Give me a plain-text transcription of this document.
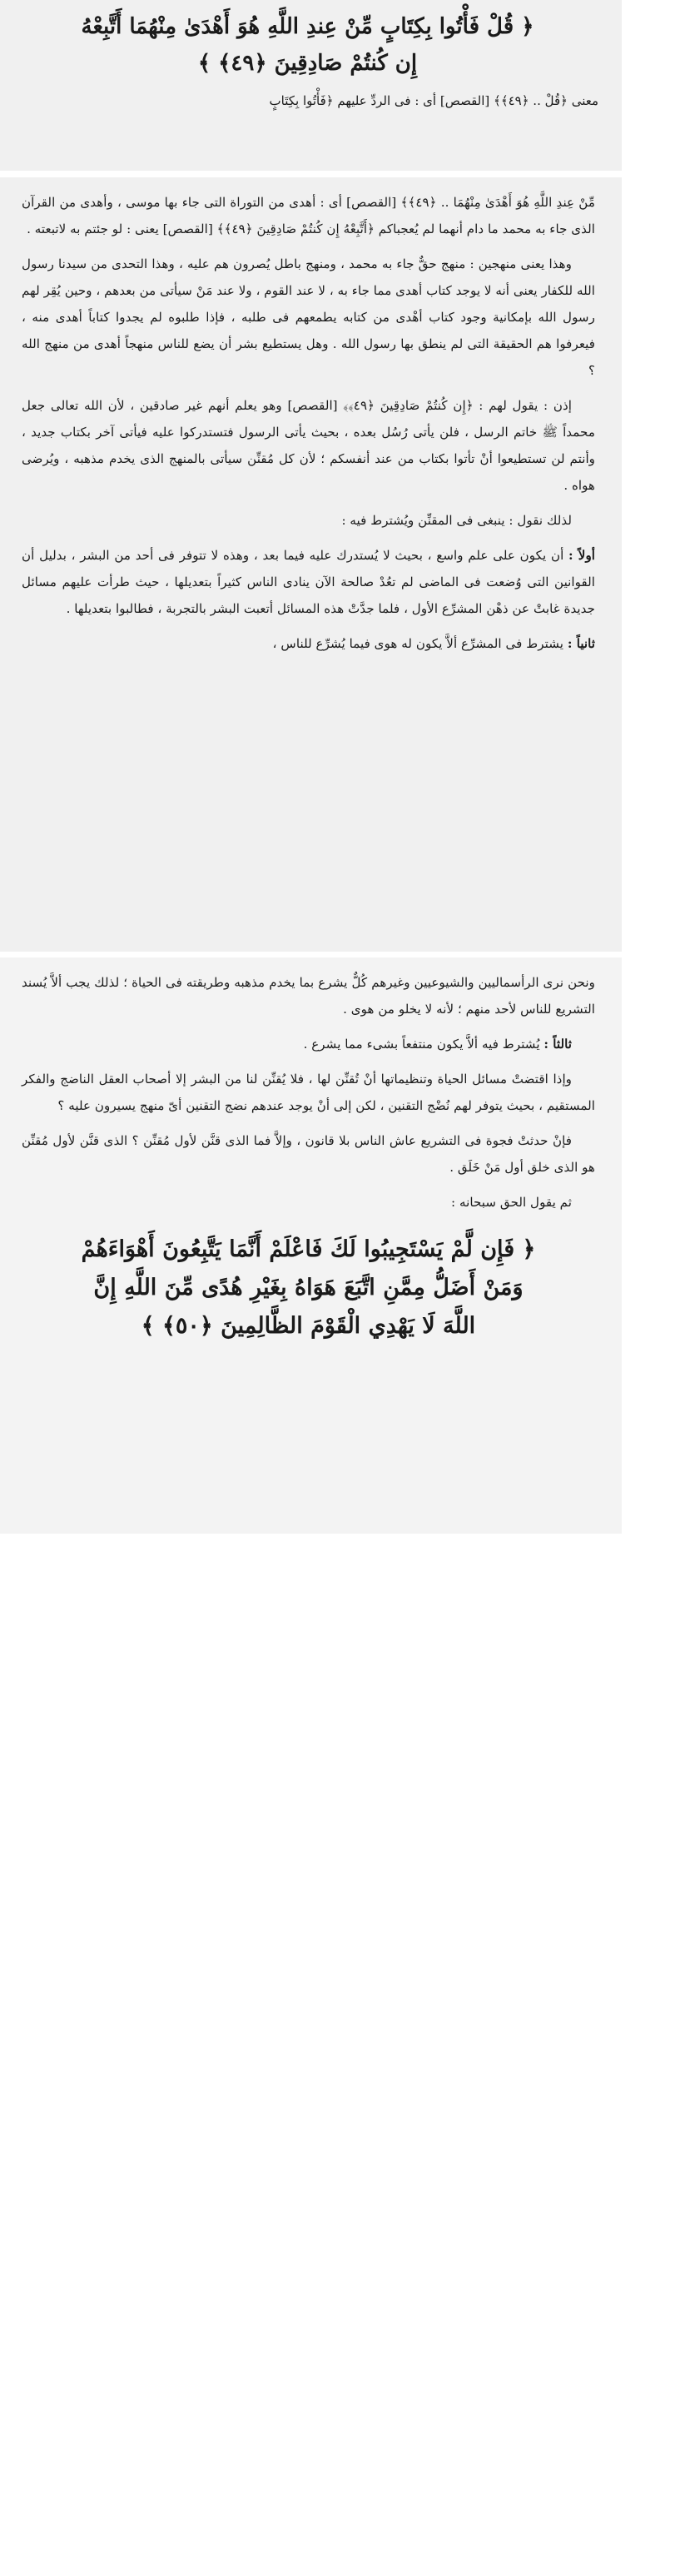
﴿ قُلْ فَأْتُوا بِكِتَابٍ مِّنْ عِندِ اللَّهِ هُوَ أَهْدَىٰ مِنْهُمَا أَتَّبِعْهُ

إِن كُنتُمْ صَادِقِينَ ﴿٤٩﴾ ﴾

معنى ﴿قُلْ .. ﴿٤٩﴾﴾ [القصص] أى : فى الردِّ عليهم ﴿فَأْتُوا بِكِتَابٍ

مِّنْ عِندِ اللَّهِ هُوَ أَهْدَىٰ مِنْهُمَا .. ﴿٤٩﴾﴾ [القصص] أى : أهدى من التوراة التى جاء بها موسى ، وأهدى من القرآن الذى جاء به محمد ما دام أنهما لم يُعجباكم ﴿أَتَّبِعْهُ إِن كُنتُمْ صَادِقِينَ ﴿٤٩﴾﴾ [القصص] يعنى : لو جئتم به لاتبعته .

وهذا يعنى منهجين : منهج حقٌّ جاء به محمد ، ومنهج باطل يُصرون هم عليه ، وهذا التحدى من سيدنا رسول الله للكفار يعنى أنه لا يوجد كتاب أهدى مما جاء به ، لا عند القوم ، ولا عند مَنْ سيأتى من بعدهم ، وحين يُقِر لهم رسول الله بإمكانية وجود كتاب أهْدى من كتابه يطمعهم فى طلبه ، فإذا طلبوه لم يجدوا كتاباً أهدى منه ، فيعرفوا هم الحقيقة التى لم ينطق بها رسول الله . وهل يستطيع بشر أن يضع للناس منهجاً أهدى من منهج الله ؟

إذن : يقول لهم : ﴿إِن كُنتُمْ صَادِقِينَ ﴿٤٩﴾﴾ [القصص] وهو يعلم أنهم غير صادقين ، لأن الله تعالى جعل محمداً ﷺ خاتم الرسل ، فلن يأتى رُسُل بعده ، بحيث يأتى الرسول فتستدركوا عليه فيأتى آخر بكتاب جديد ، وأنتم لن تستطيعوا أنْ تأتوا بكتاب من عند أنفسكم ؛ لأن كل مُقنِّن سيأتى بالمنهج الذى يخدم مذهبه ، ويُرضى هواه .

لذلك نقول : ينبغى فى المقنِّن ويُشترط فيه :

أولاً : أن يكون على علم واسع ، بحيث لا يُستدرك عليه فيما بعد ، وهذه لا تتوفر فى أحد من البشر ، بدليل أن القوانين التى وُضعت فى الماضى لم تعُدْ صالحة الآن ينادى الناس كثيراً بتعديلها ، حيث طرأت عليهم مسائل جديدة غابتْ عن ذهْن المشرِّع الأول ، فلما جدَّتْ هذه المسائل أتعبت البشر بالتجربة ، فطالبوا بتعديلها .

ثانياً : يشترط فى المشرِّع ألاَّ يكون له هوى فيما يُشرِّع للناس ،

ونحن نرى الرأسماليين والشيوعيين وغيرهم كُلٌّ يشرع بما يخدم مذهبه وطريقته فى الحياة ؛ لذلك يجب ألاَّ يُسند التشريع للناس لأحد منهم ؛ لأنه لا يخلو من هوى .

ثالثاً : يُشترط فيه ألاَّ يكون منتفعاً بشىء مما يشرع .

وإذا اقتضتْ مسائل الحياة وتنظيماتها أنْ تُقنِّن لها ، فلا يُقنِّن لنا من البشر إلا أصحاب العقل الناضج والفكر المستقيم ، بحيث يتوفر لهم نُضْج التقنين ، لكن إلى أنْ يوجد عندهم نضج التقنين أىّ منهج يسيرون عليه ؟

فإنْ حدثتْ فجوة فى التشريع عاش الناس بلا قانون ، وإلاَّ فما الذى قنَّن لأول مُقنِّن ؟ الذى قنَّن لأول مُقنِّن هو الذى خلق أول مَنْ خَلَق .

ثم يقول الحق سبحانه :

﴿ فَإِن لَّمْ يَسْتَجِيبُوا لَكَ فَاعْلَمْ أَنَّمَا يَتَّبِعُونَ أَهْوَاءَهُمْ

وَمَنْ أَضَلُّ مِمَّنِ اتَّبَعَ هَوَاهُ بِغَيْرِ هُدًى مِّنَ اللَّهِ إِنَّ

اللَّهَ لَا يَهْدِي الْقَوْمَ الظَّالِمِينَ ﴿٥٠﴾ ﴾
